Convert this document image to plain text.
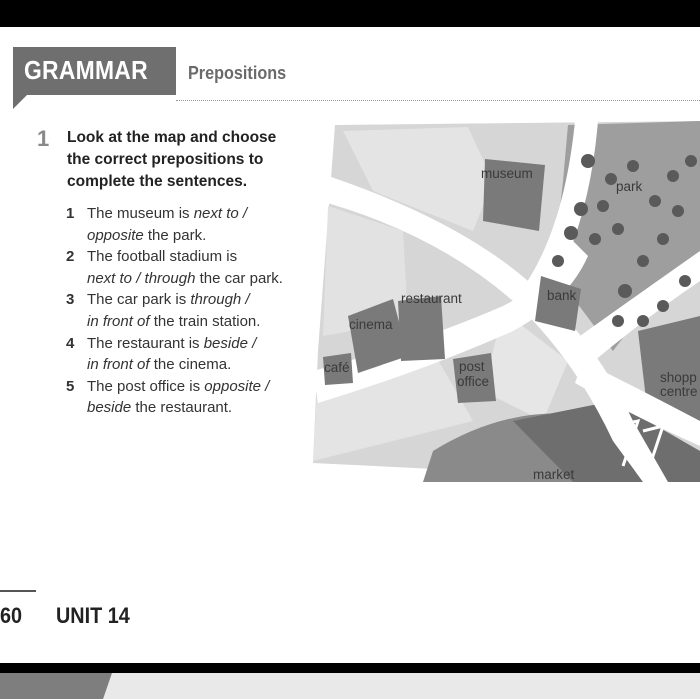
GRAMMAR Prepositions
1 Look at the map and choose
the correct prepositions to
complete the sentences.
1 The museum is next to /
opposite the park.
2 The football stadium is
next to / through the car park.
3 The car park is through /
in front of the train station.
4 The restaurant is beside /
in front of the cinema.
5 The post office is opposite /
beside the restaurant.
museum
park
restaurant	bank
cinema
café	post
office	shopp
centre
market
60 UNIT 14
